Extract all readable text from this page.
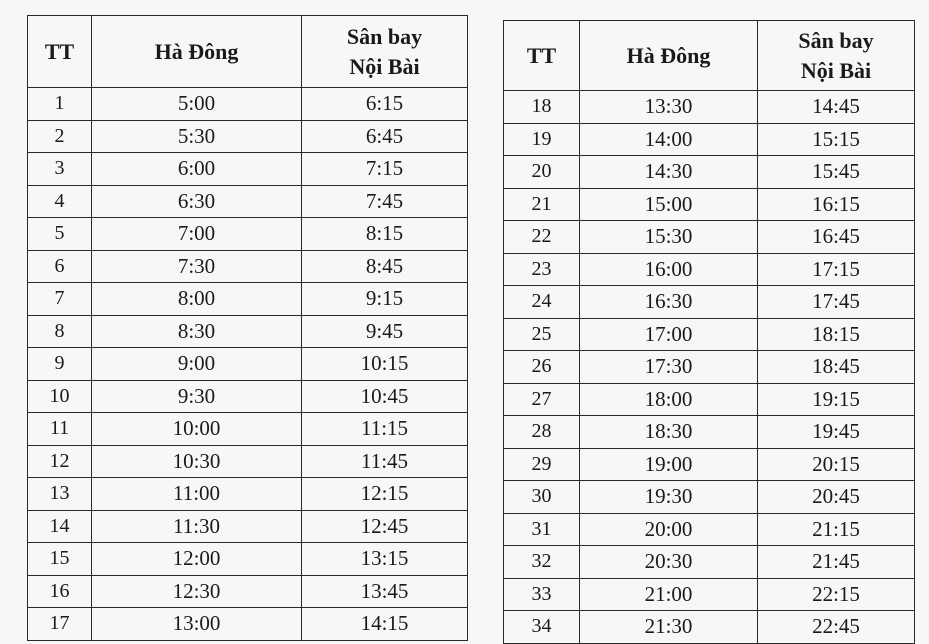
TT	Hà Đông	Sân bay
Nội Bài
1	5:00	6:15
2	5:30	6:45
3	6:00	7:15
4	6:30	7:45
5	7:00	8:15
6	7:30	8:45
7	8:00	9:15
8	8:30	9:45
9	9:00	10:15
10	9:30	10:45
11	10:00	11:15
12	10:30	11:45
13	11:00	12:15
14	11:30	12:45
15	12:00	13:15
16	12:30	13:45
17	13:00	14:15
TT	Hà Đông	Sân bay
Nội Bài
18	13:30	14:45
19	14:00	15:15
20	14:30	15:45
21	15:00	16:15
22	15:30	16:45
23	16:00	17:15
24	16:30	17:45
25	17:00	18:15
26	17:30	18:45
27	18:00	19:15
28	18:30	19:45
29	19:00	20:15
30	19:30	20:45
31	20:00	21:15
32	20:30	21:45
33	21:00	22:15
34	21:30	22:45
